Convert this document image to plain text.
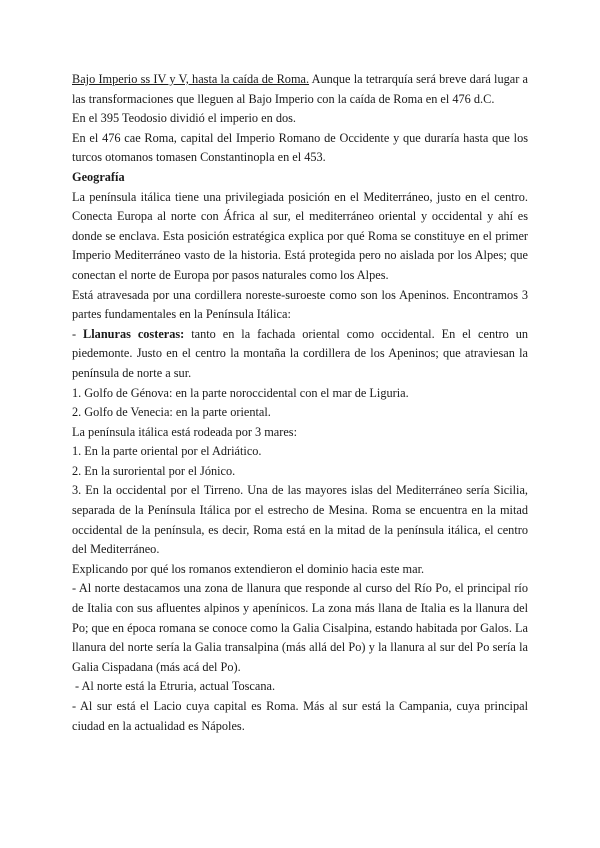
Bajo Imperio ss IV y V, hasta la caída de Roma. Aunque la tetrarquía será breve dará lugar a las transformaciones que lleguen al Bajo Imperio con la caída de Roma en el 476 d.C.

En el 395 Teodosio dividió el imperio en dos.

En el 476 cae Roma, capital del Imperio Romano de Occidente y que duraría hasta que los turcos otomanos tomasen Constantinopla en el 453.

Geografía

La península itálica tiene una privilegiada posición en el Mediterráneo, justo en el centro. Conecta Europa al norte con África al sur, el mediterráneo oriental y occidental y ahí es donde se enclava. Esta posición estratégica explica por qué Roma se constituye en el primer Imperio Mediterráneo vasto de la historia. Está protegida pero no aislada por los Alpes; que conectan el norte de Europa por pasos naturales como los Alpes.

Está atravesada por una cordillera noreste-suroeste como son los Apeninos. Encontramos 3 partes fundamentales en la Península Itálica:

- Llanuras costeras: tanto en la fachada oriental como occidental. En el centro un piedemonte. Justo en el centro la montaña la cordillera de los Apeninos; que atraviesan la península de norte a sur.

1. Golfo de Génova: en la parte noroccidental con el mar de Liguria.

2. Golfo de Venecia: en la parte oriental.

La península itálica está rodeada por 3 mares:

1. En la parte oriental por el Adriático.

2. En la suroriental por el Jónico.

3. En la occidental por el Tirreno. Una de las mayores islas del Mediterráneo sería Sicilia, separada de la Península Itálica por el estrecho de Mesina. Roma se encuentra en la mitad occidental de la península, es decir, Roma está en la mitad de la península itálica, el centro del Mediterráneo.

Explicando por qué los romanos extendieron el dominio hacia este mar.

- Al norte destacamos una zona de llanura que responde al curso del Río Po, el principal río de Italia con sus afluentes alpinos y apenínicos. La zona más llana de Italia es la llanura del Po; que en época romana se conoce como la Galia Cisalpina, estando habitada por Galos. La llanura del norte sería la Galia transalpina (más allá del Po) y la llanura al sur del Po sería la Galia Cispadana (más acá del Po).

- Al norte está la Etruria, actual Toscana.

- Al sur está el Lacio cuya capital es Roma. Más al sur está la Campania, cuya principal ciudad en la actualidad es Nápoles.
